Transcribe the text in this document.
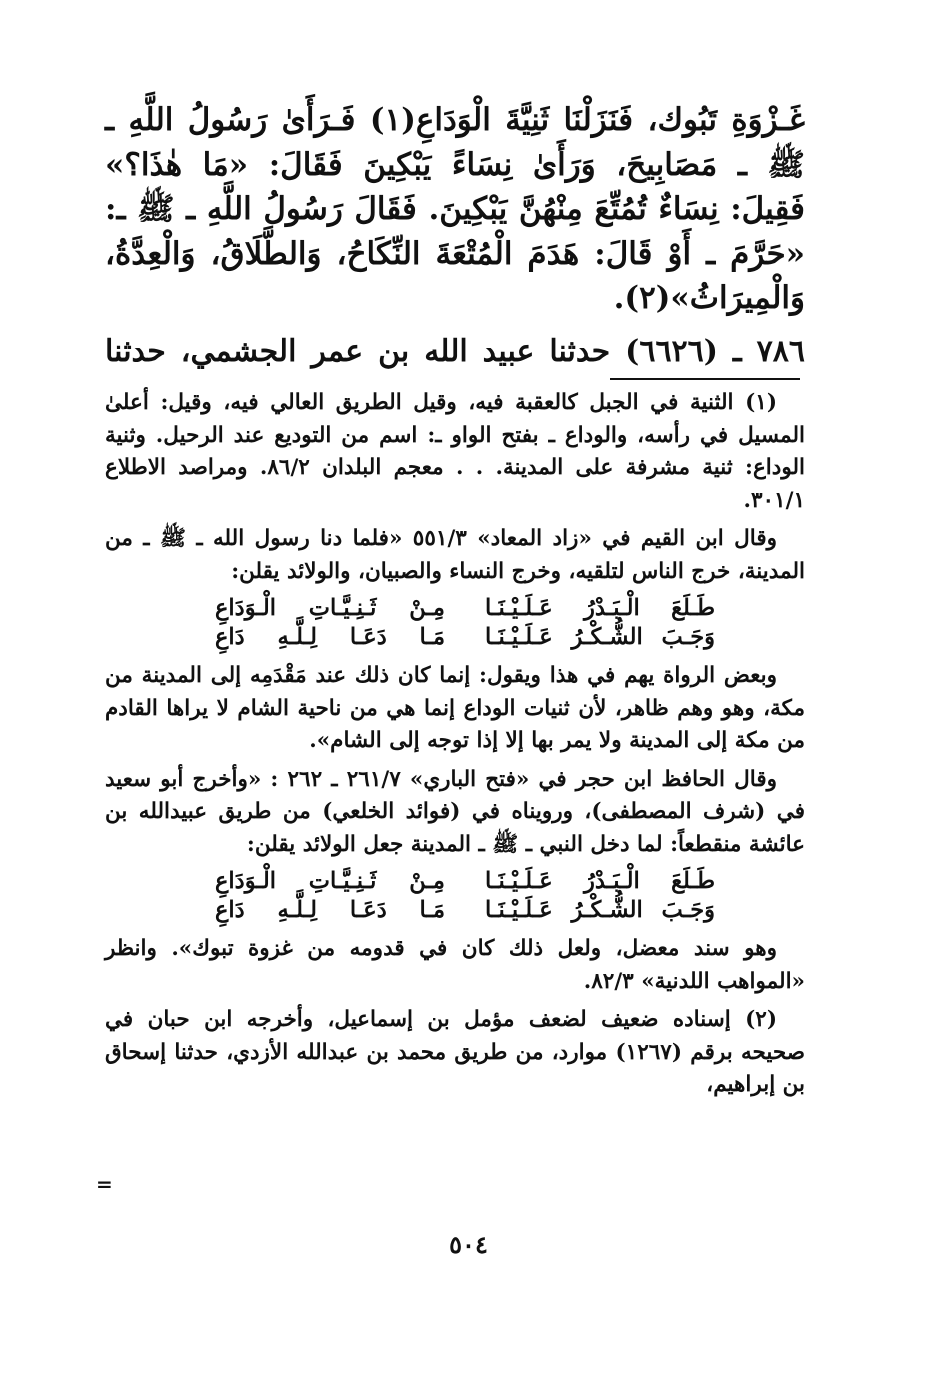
غَـزْوَةِ تَبُوك، فَنَزَلْنَا ثَنِيَّةَ الْوَدَاعِ(١) فَـرَأَىٰ رَسُولُ اللَّهِ ـ ﷺ ـ مَصَابِيحَ، وَرَأَىٰ نِسَاءً يَبْكِينَ فَقَالَ: «مَا هٰذَا؟» فَقِيلَ: نِسَاءٌ تُمُتِّعَ مِنْهُنَّ يَبْكِينَ. فَقَالَ رَسُولُ اللَّهِ ـ ﷺ ـ: «حَرَّمَ ـ أَوْ قَالَ: هَدَمَ الْمُتْعَةَ النِّكَاحُ، وَالطَّلَاقُ، وَالْعِدَّةُ، وَالْمِيرَاثُ»(٢).

٧٨٦ ـ (٦٦٢٦) حدثنا عبيد الله بن عمر الجشمي، حدثنا

(١) الثنية في الجبل كالعقبة فيه، وقيل الطريق العالي فيه، وقيل: أعلىٰ المسيل في رأسه، والوداع ـ بفتح الواو ـ: اسم من التوديع عند الرحيل. وثنية الوداع: ثنية مشرفة على المدينة. . . معجم البلدان ٨٦/٢. ومراصد الاطلاع ٣٠١/١.

وقال ابن القيم في «زاد المعاد» ٥٥١/٣ «فلما دنا رسول الله ـ ﷺ ـ من المدينة، خرج الناس لتلقيه، وخرج النساء والصبيان، والولائد يقلن:

طَـلَعَ الْـبَـدْرُ عَـلَـيْـنَـا
مِـنْ ثَـنِـيَّـاتِ الْـوَدَاعِ
وَجَـبَ الشُّـكْـرُ عَـلَـيْـنَـا
مَـا دَعَـا لِـلَّـهِ دَاعِ

وبعض الرواة يهم في هذا ويقول: إنما كان ذلك عند مَقْدَمِه إلى المدينة من مكة، وهو وهم ظاهر، لأن ثنيات الوداع إنما هي من ناحية الشام لا يراها القادم من مكة إلى المدينة ولا يمر بها إلا إذا توجه إلى الشام».

وقال الحافظ ابن حجر في «فتح الباري» ٢٦١/٧ ـ ٢٦٢ : «وأخرج أبو سعيد في (شرف المصطفى)، ورويناه في (فوائد الخلعي) من طريق عبيدالله بن عائشة منقطعاً: لما دخل النبي ـ ﷺ ـ المدينة جعل الولائد يقلن:

طَـلَعَ الْـبَـدْرُ عَـلَـيْـنَـا
مِـنْ ثَـنِـيَّـاتِ الْـوَدَاعِ
وَجَـبَ الشُّـكْـرُ عَـلَـيْـنَـا
مَـا دَعَـا لِـلَّـهِ دَاعِ

وهو سند معضل، ولعل ذلك كان في قدومه من غزوة تبوك». وانظر «المواهب اللدنية» ٨٢/٣.

(٢) إسناده ضعيف لضعف مؤمل بن إسماعيل، وأخرجه ابن حبان في صحيحه برقم (١٢٦٧) موارد، من طريق محمد بن عبدالله الأزدي، حدثنا إسحاق بن إبراهيم،

=
٥٠٤
